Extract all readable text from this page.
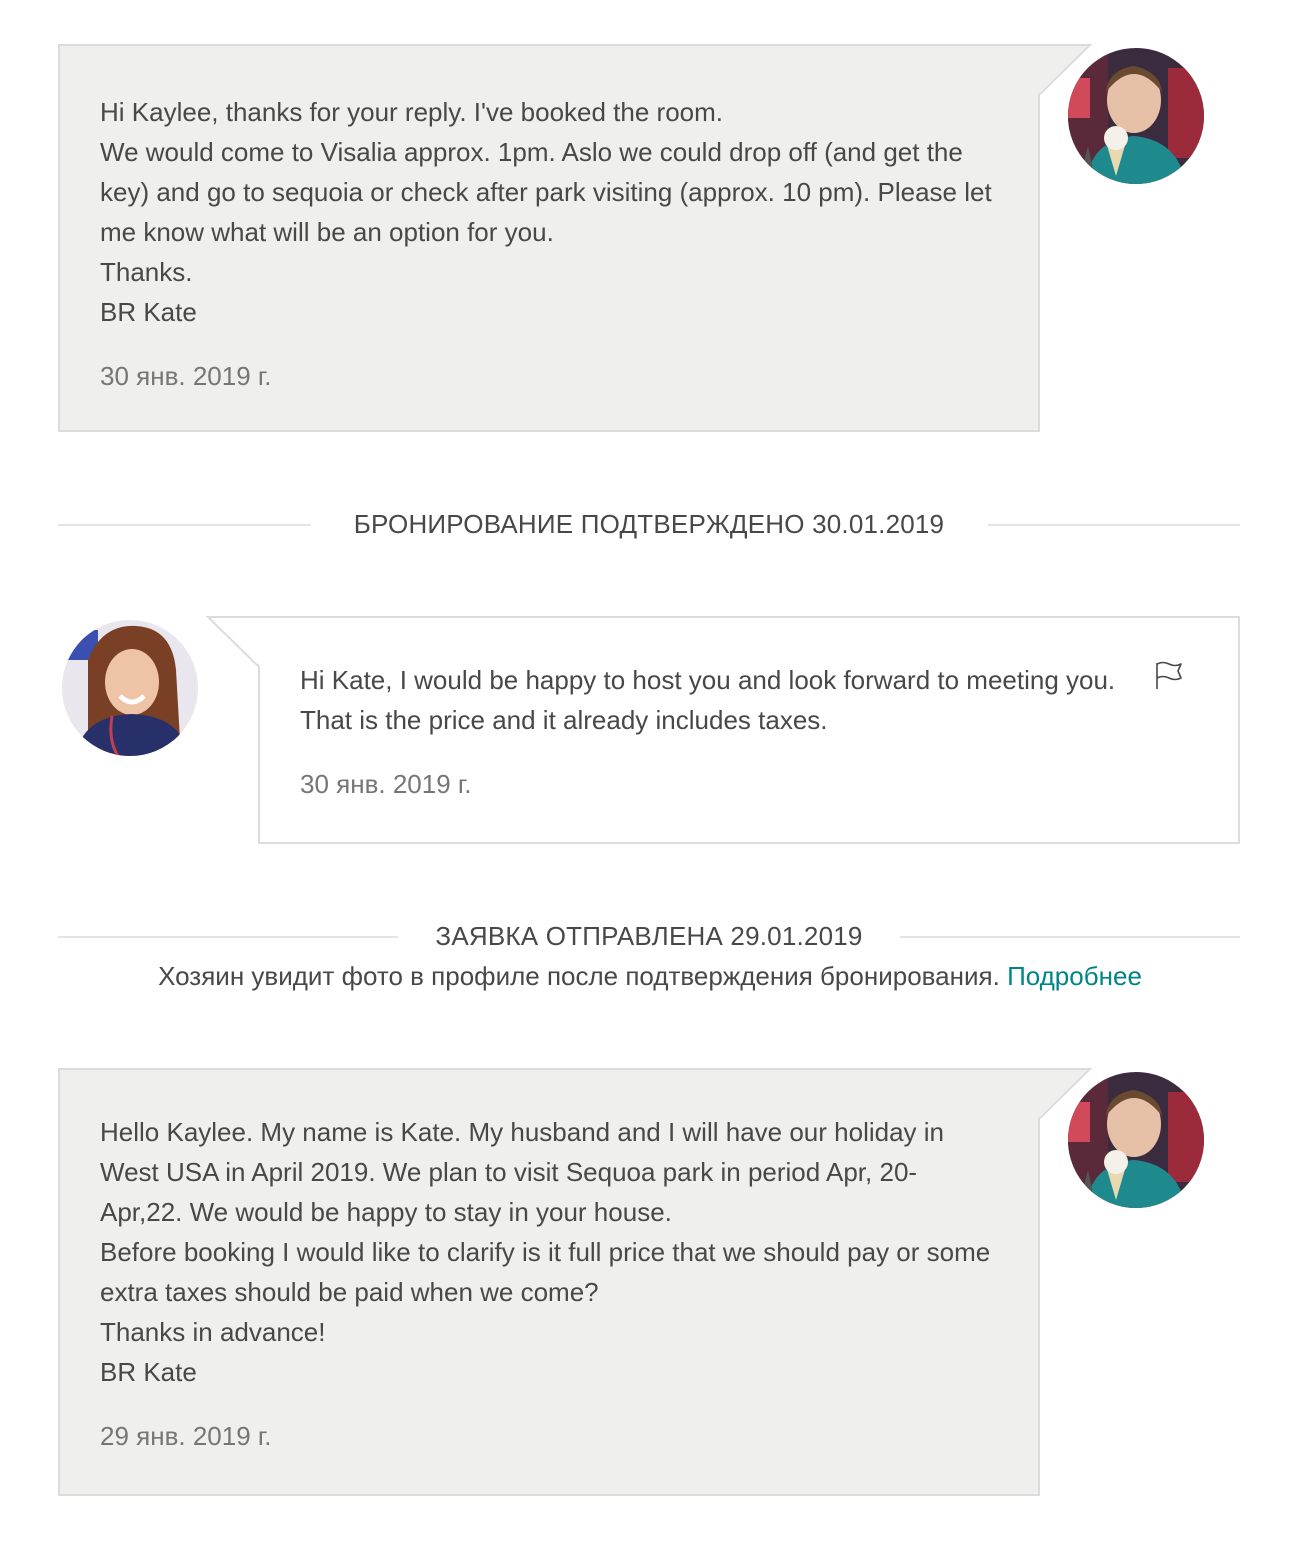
Hi Kaylee, thanks for your reply. I've booked the room.

We would come to Visalia approx. 1pm. Aslo we could drop off (and get the key) and go to sequoia or check after park visiting (approx. 10 pm). Please let me know what will be an option for you.

Thanks.

BR Kate

30 янв. 2019 г.
БРОНИРОВАНИЕ ПОДТВЕРЖДЕНО 30.01.2019

Hi Kate, I would be happy to host you and look forward to meeting you. That is the price and it already includes taxes.

30 янв. 2019 г.
ЗАЯВКА ОТПРАВЛЕНА 29.01.2019
Хозяин увидит фото в профиле после подтверждения бронирования. Подробнее

Hello Kaylee. My name is Kate. My husband and I will have our holiday in West USA in April 2019. We plan to visit Sequoa park in period Apr, 20-Apr,22. We would be happy to stay in your house.

Before booking I would like to clarify is it full price that we should pay or some extra taxes should be paid when we come?

Thanks in advance!

BR Kate

29 янв. 2019 г.
